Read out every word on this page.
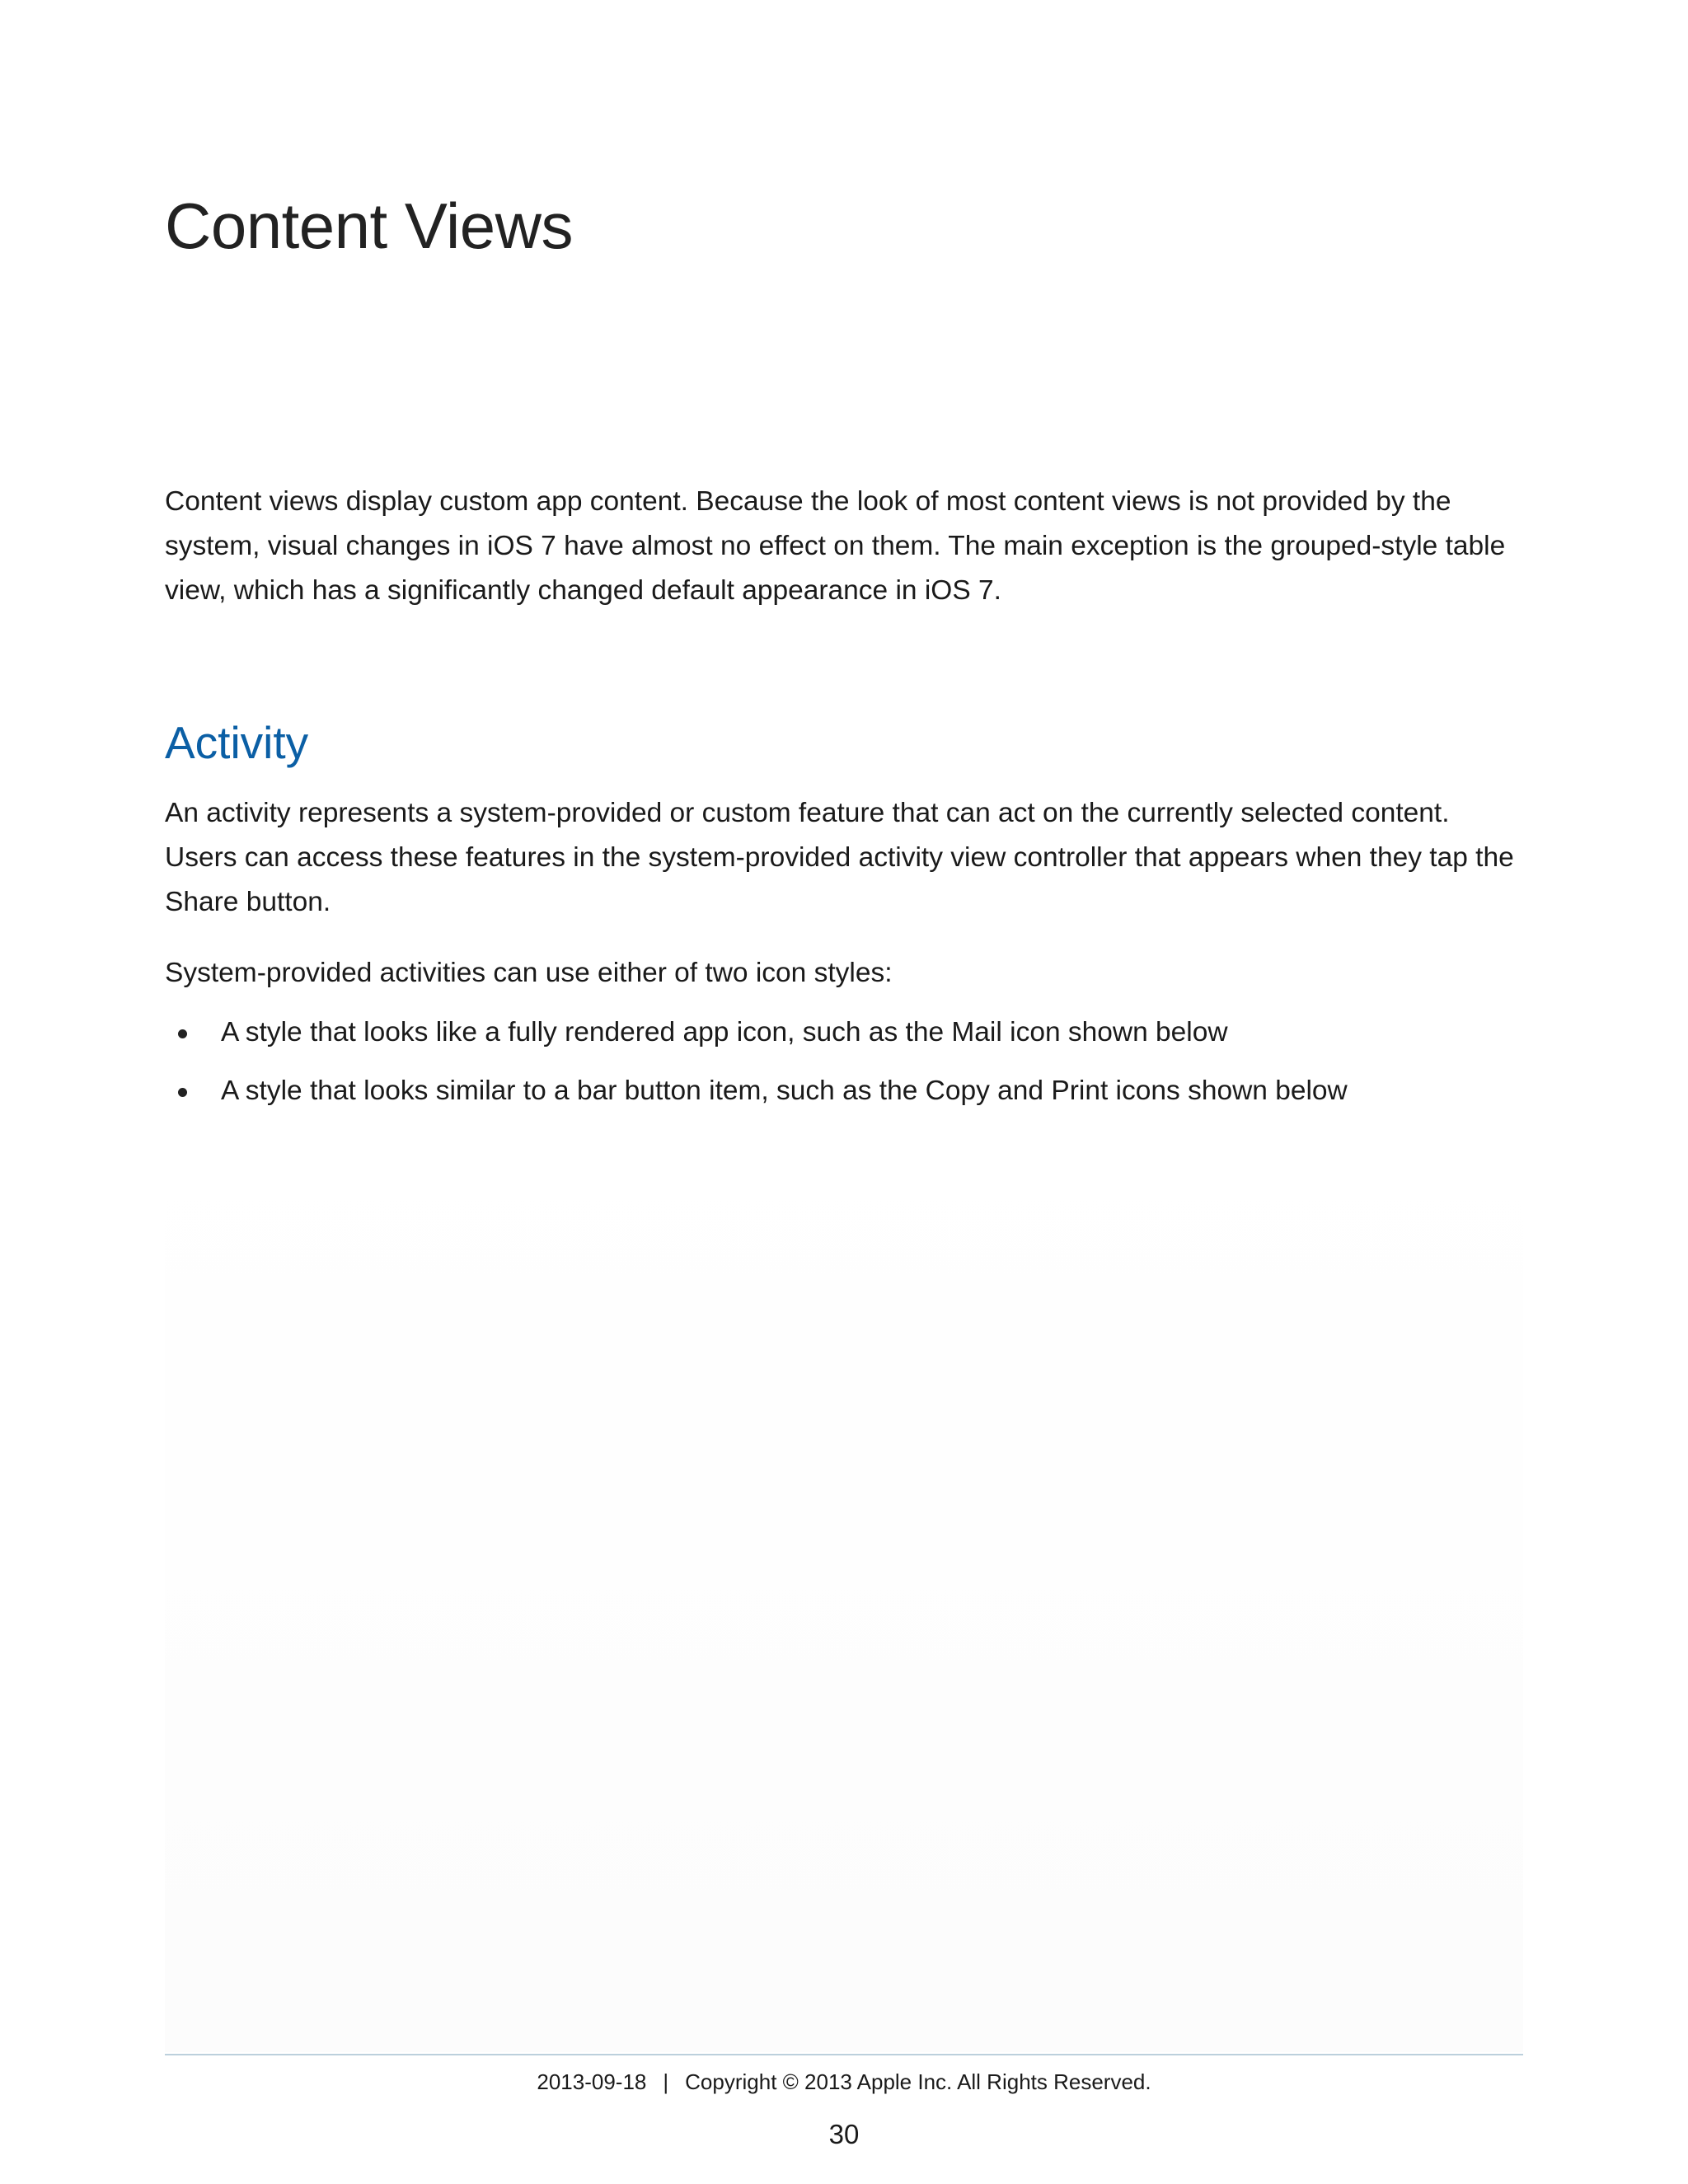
Content Views

Content views display custom app content. Because the look of most content views is not provided by the system, visual changes in iOS 7 have almost no effect on them. The main exception is the grouped-style table view, which has a significantly changed default appearance in iOS 7.

Activity

An activity represents a system-provided or custom feature that can act on the currently selected content. Users can access these features in the system-provided activity view controller that appears when they tap the Share button.

System-provided activities can use either of two icon styles:

A style that looks like a fully rendered app icon, such as the Mail icon shown below
A style that looks similar to a bar button item, such as the Copy and Print icons shown below
2013-09-18 | Copyright © 2013 Apple Inc. All Rights Reserved.
30
